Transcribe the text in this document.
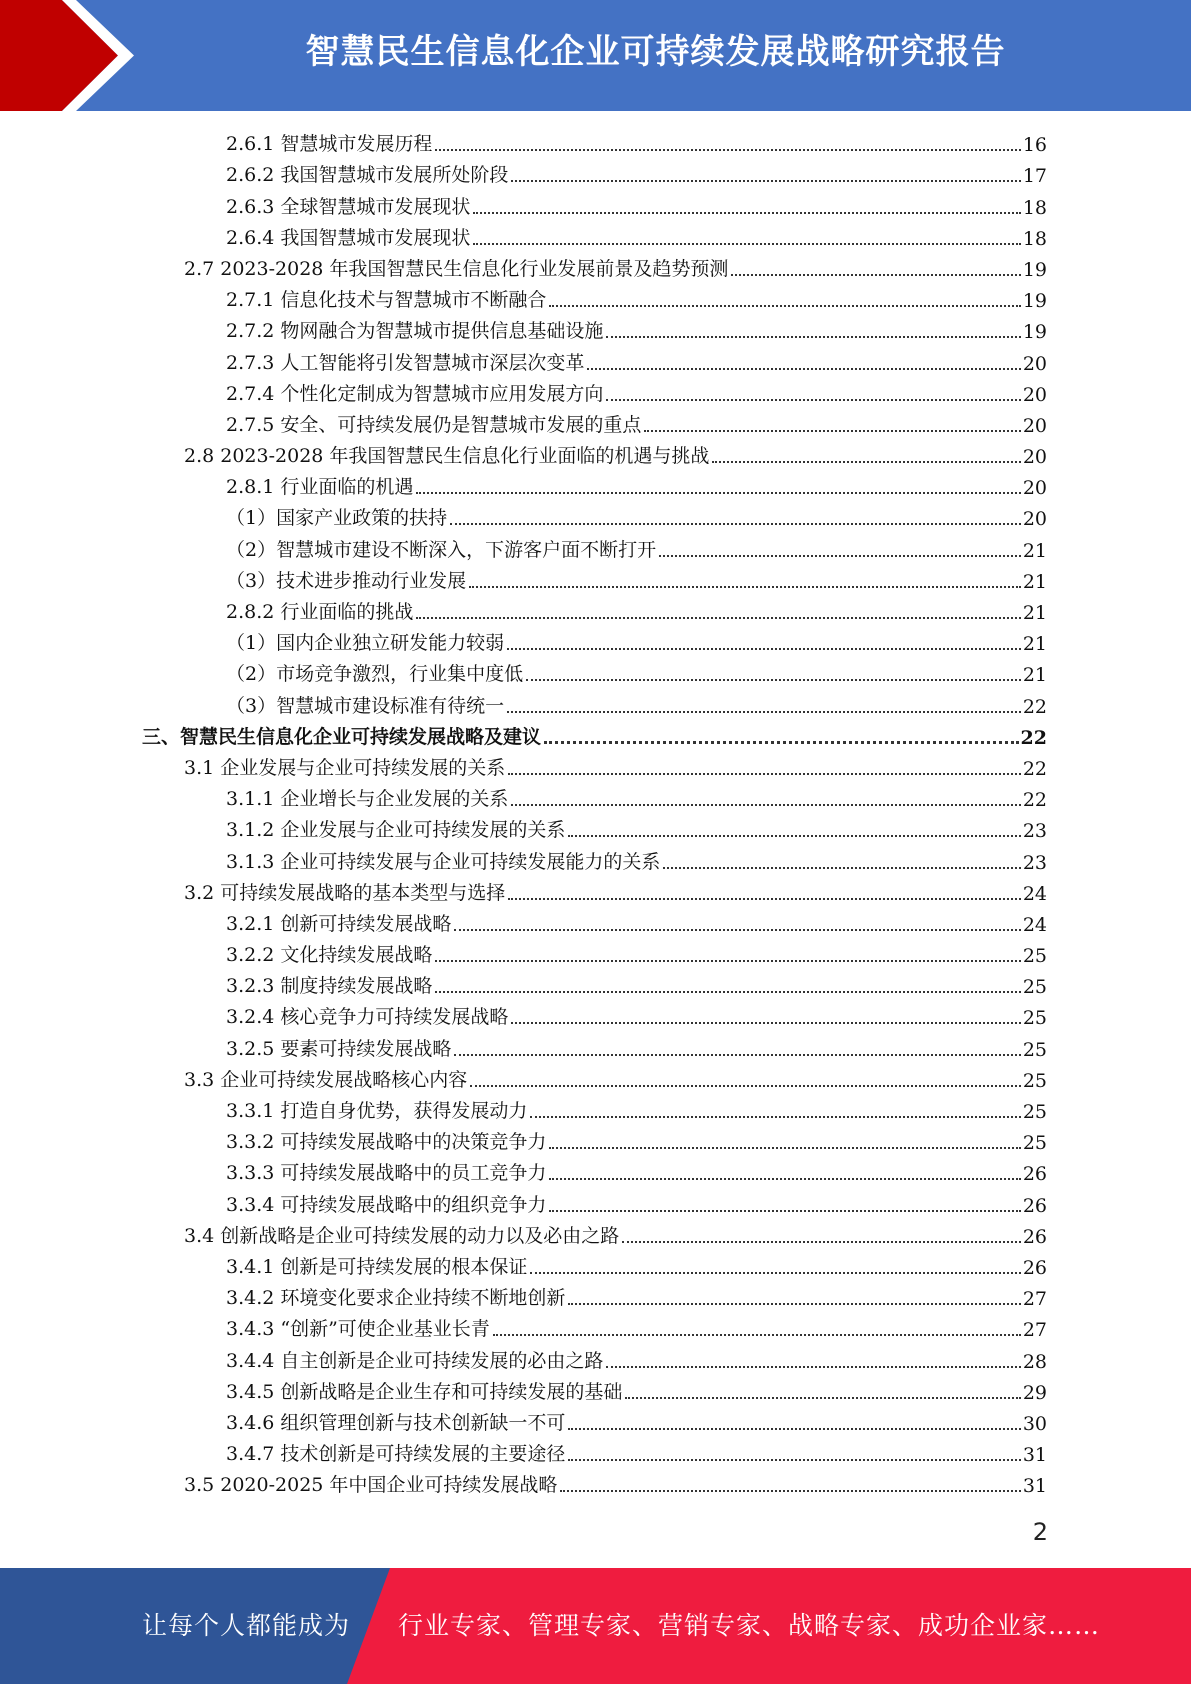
智慧民生信息化企业可持续发展战略研究报告
2.6.1 智慧城市发展历程	16
2.6.2 我国智慧城市发展所处阶段	17
2.6.3 全球智慧城市发展现状	18
2.6.4 我国智慧城市发展现状	18
2.7 2023-2028 年我国智慧民生信息化行业发展前景及趋势预测	19
2.7.1 信息化技术与智慧城市不断融合	19
2.7.2 物网融合为智慧城市提供信息基础设施	19
2.7.3 人工智能将引发智慧城市深层次变革	20
2.7.4 个性化定制成为智慧城市应用发展方向	20
2.7.5 安全、可持续发展仍是智慧城市发展的重点	20
2.8 2023-2028 年我国智慧民生信息化行业面临的机遇与挑战	20
2.8.1 行业面临的机遇	20
（1）国家产业政策的扶持	20
（2）智慧城市建设不断深入，下游客户面不断打开	21
（3）技术进步推动行业发展	21
2.8.2 行业面临的挑战	21
（1）国内企业独立研发能力较弱	21
（2）市场竞争激烈，行业集中度低	21
（3）智慧城市建设标准有待统一	22
三、智慧民生信息化企业可持续发展战略及建议	22
3.1 企业发展与企业可持续发展的关系	22
3.1.1 企业增长与企业发展的关系	22
3.1.2 企业发展与企业可持续发展的关系	23
3.1.3 企业可持续发展与企业可持续发展能力的关系	23
3.2 可持续发展战略的基本类型与选择	24
3.2.1 创新可持续发展战略	24
3.2.2 文化持续发展战略	25
3.2.3 制度持续发展战略	25
3.2.4 核心竞争力可持续发展战略	25
3.2.5 要素可持续发展战略	25
3.3 企业可持续发展战略核心内容	25
3.3.1 打造自身优势，获得发展动力	25
3.3.2 可持续发展战略中的决策竞争力	25
3.3.3 可持续发展战略中的员工竞争力	26
3.3.4 可持续发展战略中的组织竞争力	26
3.4 创新战略是企业可持续发展的动力以及必由之路	26
3.4.1 创新是可持续发展的根本保证	26
3.4.2 环境变化要求企业持续不断地创新	27
3.4.3 “创新”可使企业基业长青	27
3.4.4 自主创新是企业可持续发展的必由之路	28
3.4.5 创新战略是企业生存和可持续发展的基础	29
3.4.6 组织管理创新与技术创新缺一不可	30
3.4.7 技术创新是可持续发展的主要途径	31
3.5 2020-2025 年中国企业可持续发展战略	31
2
让每个人都能成为 行业专家、管理专家、营销专家、战略专家、成功企业家……
